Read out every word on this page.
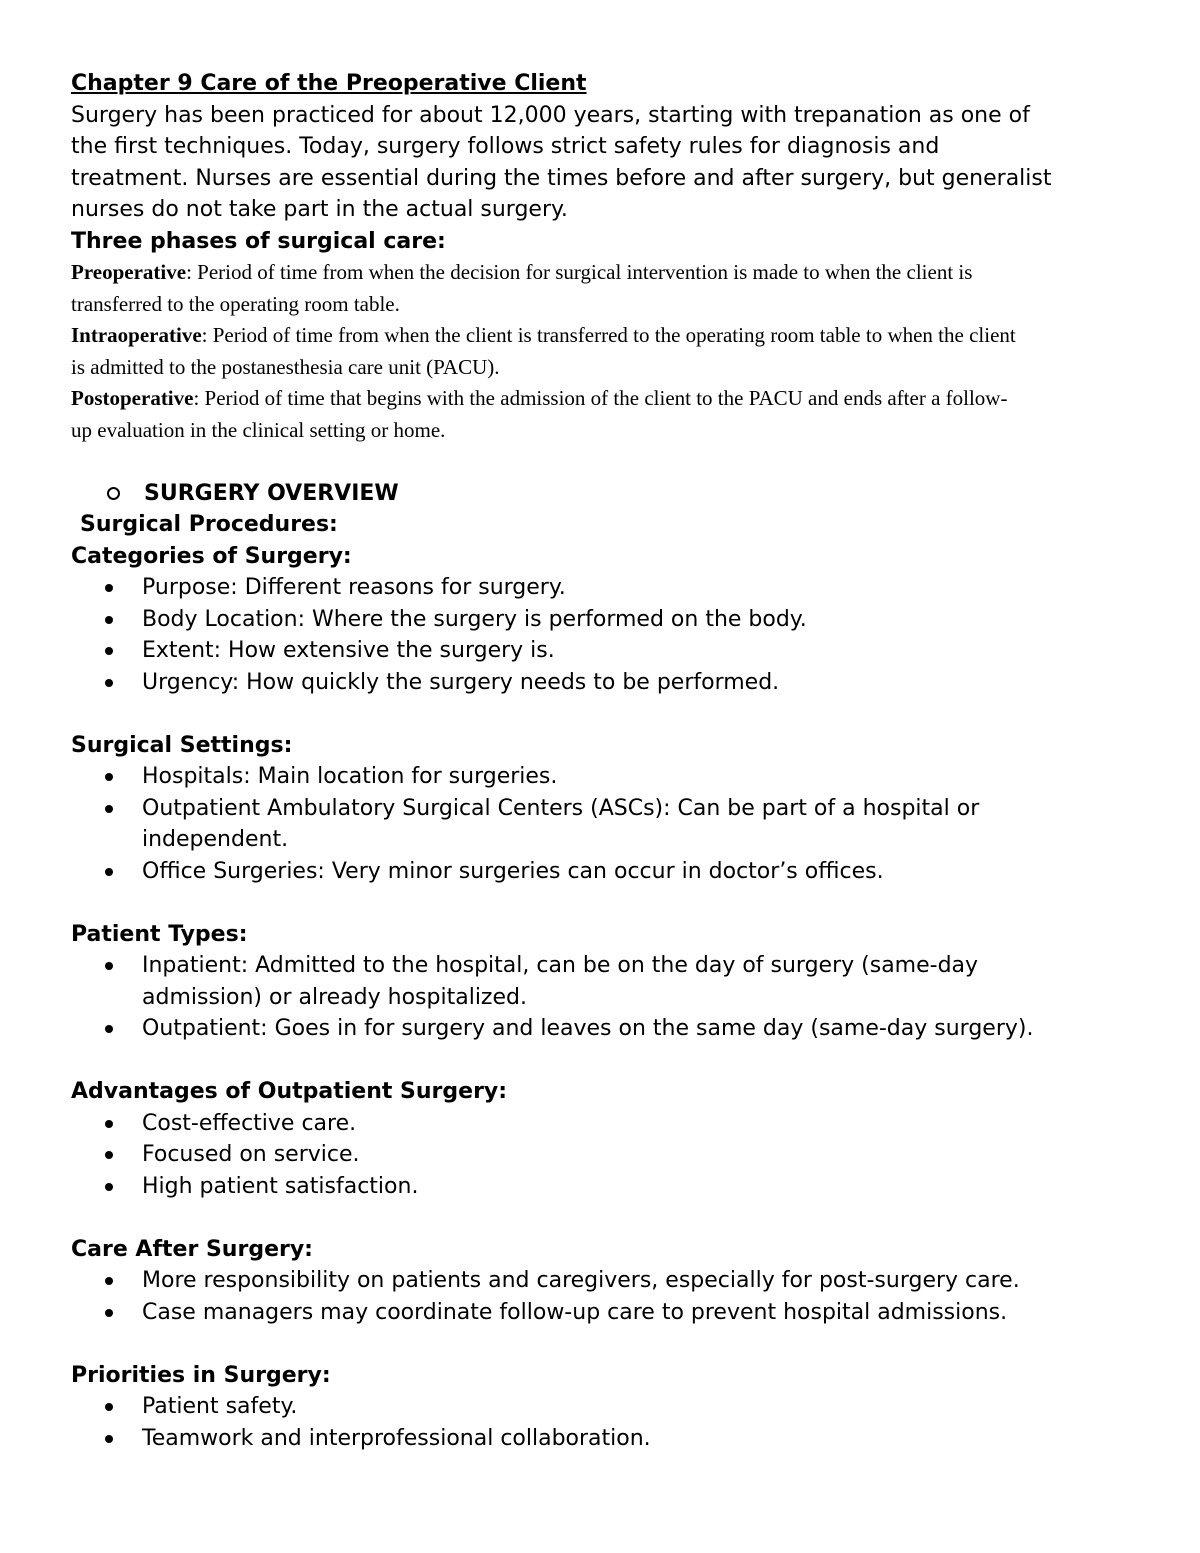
Chapter 9 Care of the Preoperative Client

Surgery has been practiced for about 12,000 years, starting with trepanation as one of

the first techniques. Today, surgery follows strict safety rules for diagnosis and

treatment. Nurses are essential during the times before and after surgery, but generalist

nurses do not take part in the actual surgery.

Three phases of surgical care:

Preoperative: Period of time from when the decision for surgical intervention is made to when the client is

transferred to the operating room table.

Intraoperative: Period of time from when the client is transferred to the operating room table to when the client

is admitted to the postanesthesia care unit (PACU).

Postoperative: Period of time that begins with the admission of the client to the PACU and ends after a follow-

up evaluation in the clinical setting or home.

SURGERY OVERVIEW

Surgical Procedures:

Categories of Surgery:

Purpose: Different reasons for surgery.
Body Location: Where the surgery is performed on the body.
Extent: How extensive the surgery is.
Urgency: How quickly the surgery needs to be performed.

Surgical Settings:

Hospitals: Main location for surgeries.
Outpatient Ambulatory Surgical Centers (ASCs): Can be part of a hospital or
independent.
Office Surgeries: Very minor surgeries can occur in doctor’s offices.

Patient Types:

Inpatient: Admitted to the hospital, can be on the day of surgery (same-day
admission) or already hospitalized.
Outpatient: Goes in for surgery and leaves on the same day (same-day surgery).

Advantages of Outpatient Surgery:

Cost-effective care.
Focused on service.
High patient satisfaction.

Care After Surgery:

More responsibility on patients and caregivers, especially for post-surgery care.
Case managers may coordinate follow-up care to prevent hospital admissions.

Priorities in Surgery:

Patient safety.
Teamwork and interprofessional collaboration.
